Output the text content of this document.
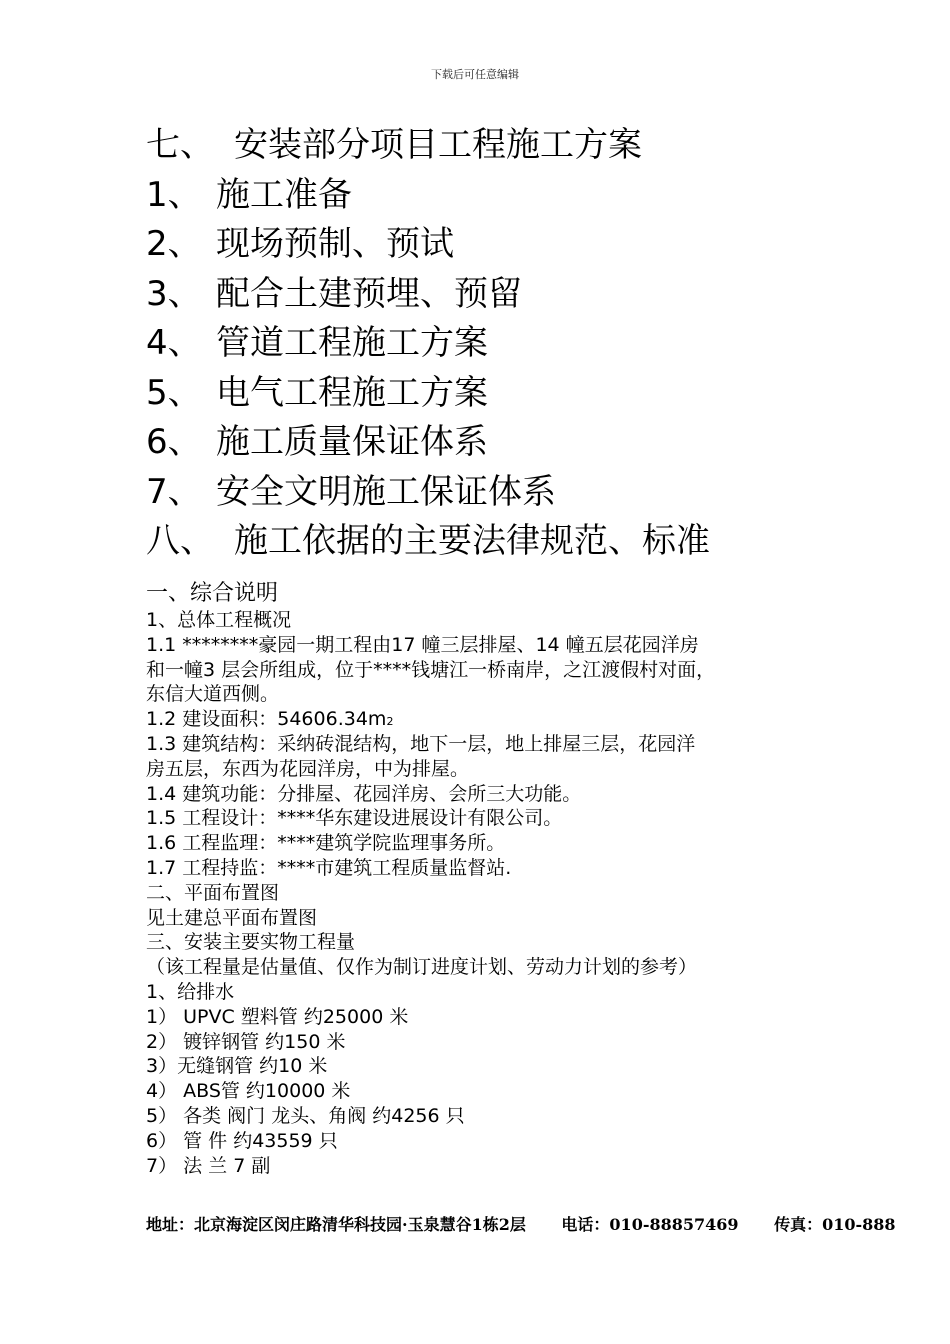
下载后可任意编辑
七、 安装部分项目工程施工方案
1、 施工准备
2、 现场预制、预试
3、 配合土建预埋、预留
4、 管道工程施工方案
5、 电气工程施工方案
6、 施工质量保证体系
7、 安全文明施工保证体系
八、 施工依据的主要法律规范、标准
一、综合说明
1、总体工程概况
1.1 ********豪园一期工程由17 幢三层排屋、14 幢五层花园洋房
和一幢3 层会所组成，位于****钱塘江一桥南岸，之江渡假村对面，
东信大道西侧。
1.2 建设面积：54606.34m2
1.3 建筑结构：采纳砖混结构，地下一层，地上排屋三层，花园洋
房五层，东西为花园洋房，中为排屋。
1.4 建筑功能：分排屋、花园洋房、会所三大功能。
1.5 工程设计：****华东建设进展设计有限公司。
1.6 工程监理：****建筑学院监理事务所。
1.7 工程持监：****市建筑工程质量监督站.
二、平面布置图
见土建总平面布置图
三、安装主要实物工程量
（该工程量是估量值、仅作为制订进度计划、劳动力计划的参考）
1、给排水
1） UPVC 塑料管 约25000 米
2） 镀锌钢管 约150 米
3）无缝钢管 约10 米
4） ABS管 约10000 米
5） 各类 阀门 龙头、角阀 约4256 只
6） 管 件 约43559 只
7） 法 兰 7 副
地址：北京海淀区闵庄路清华科技园·玉泉慧谷1栋2层 电话：010-88857469 传真：010-888
